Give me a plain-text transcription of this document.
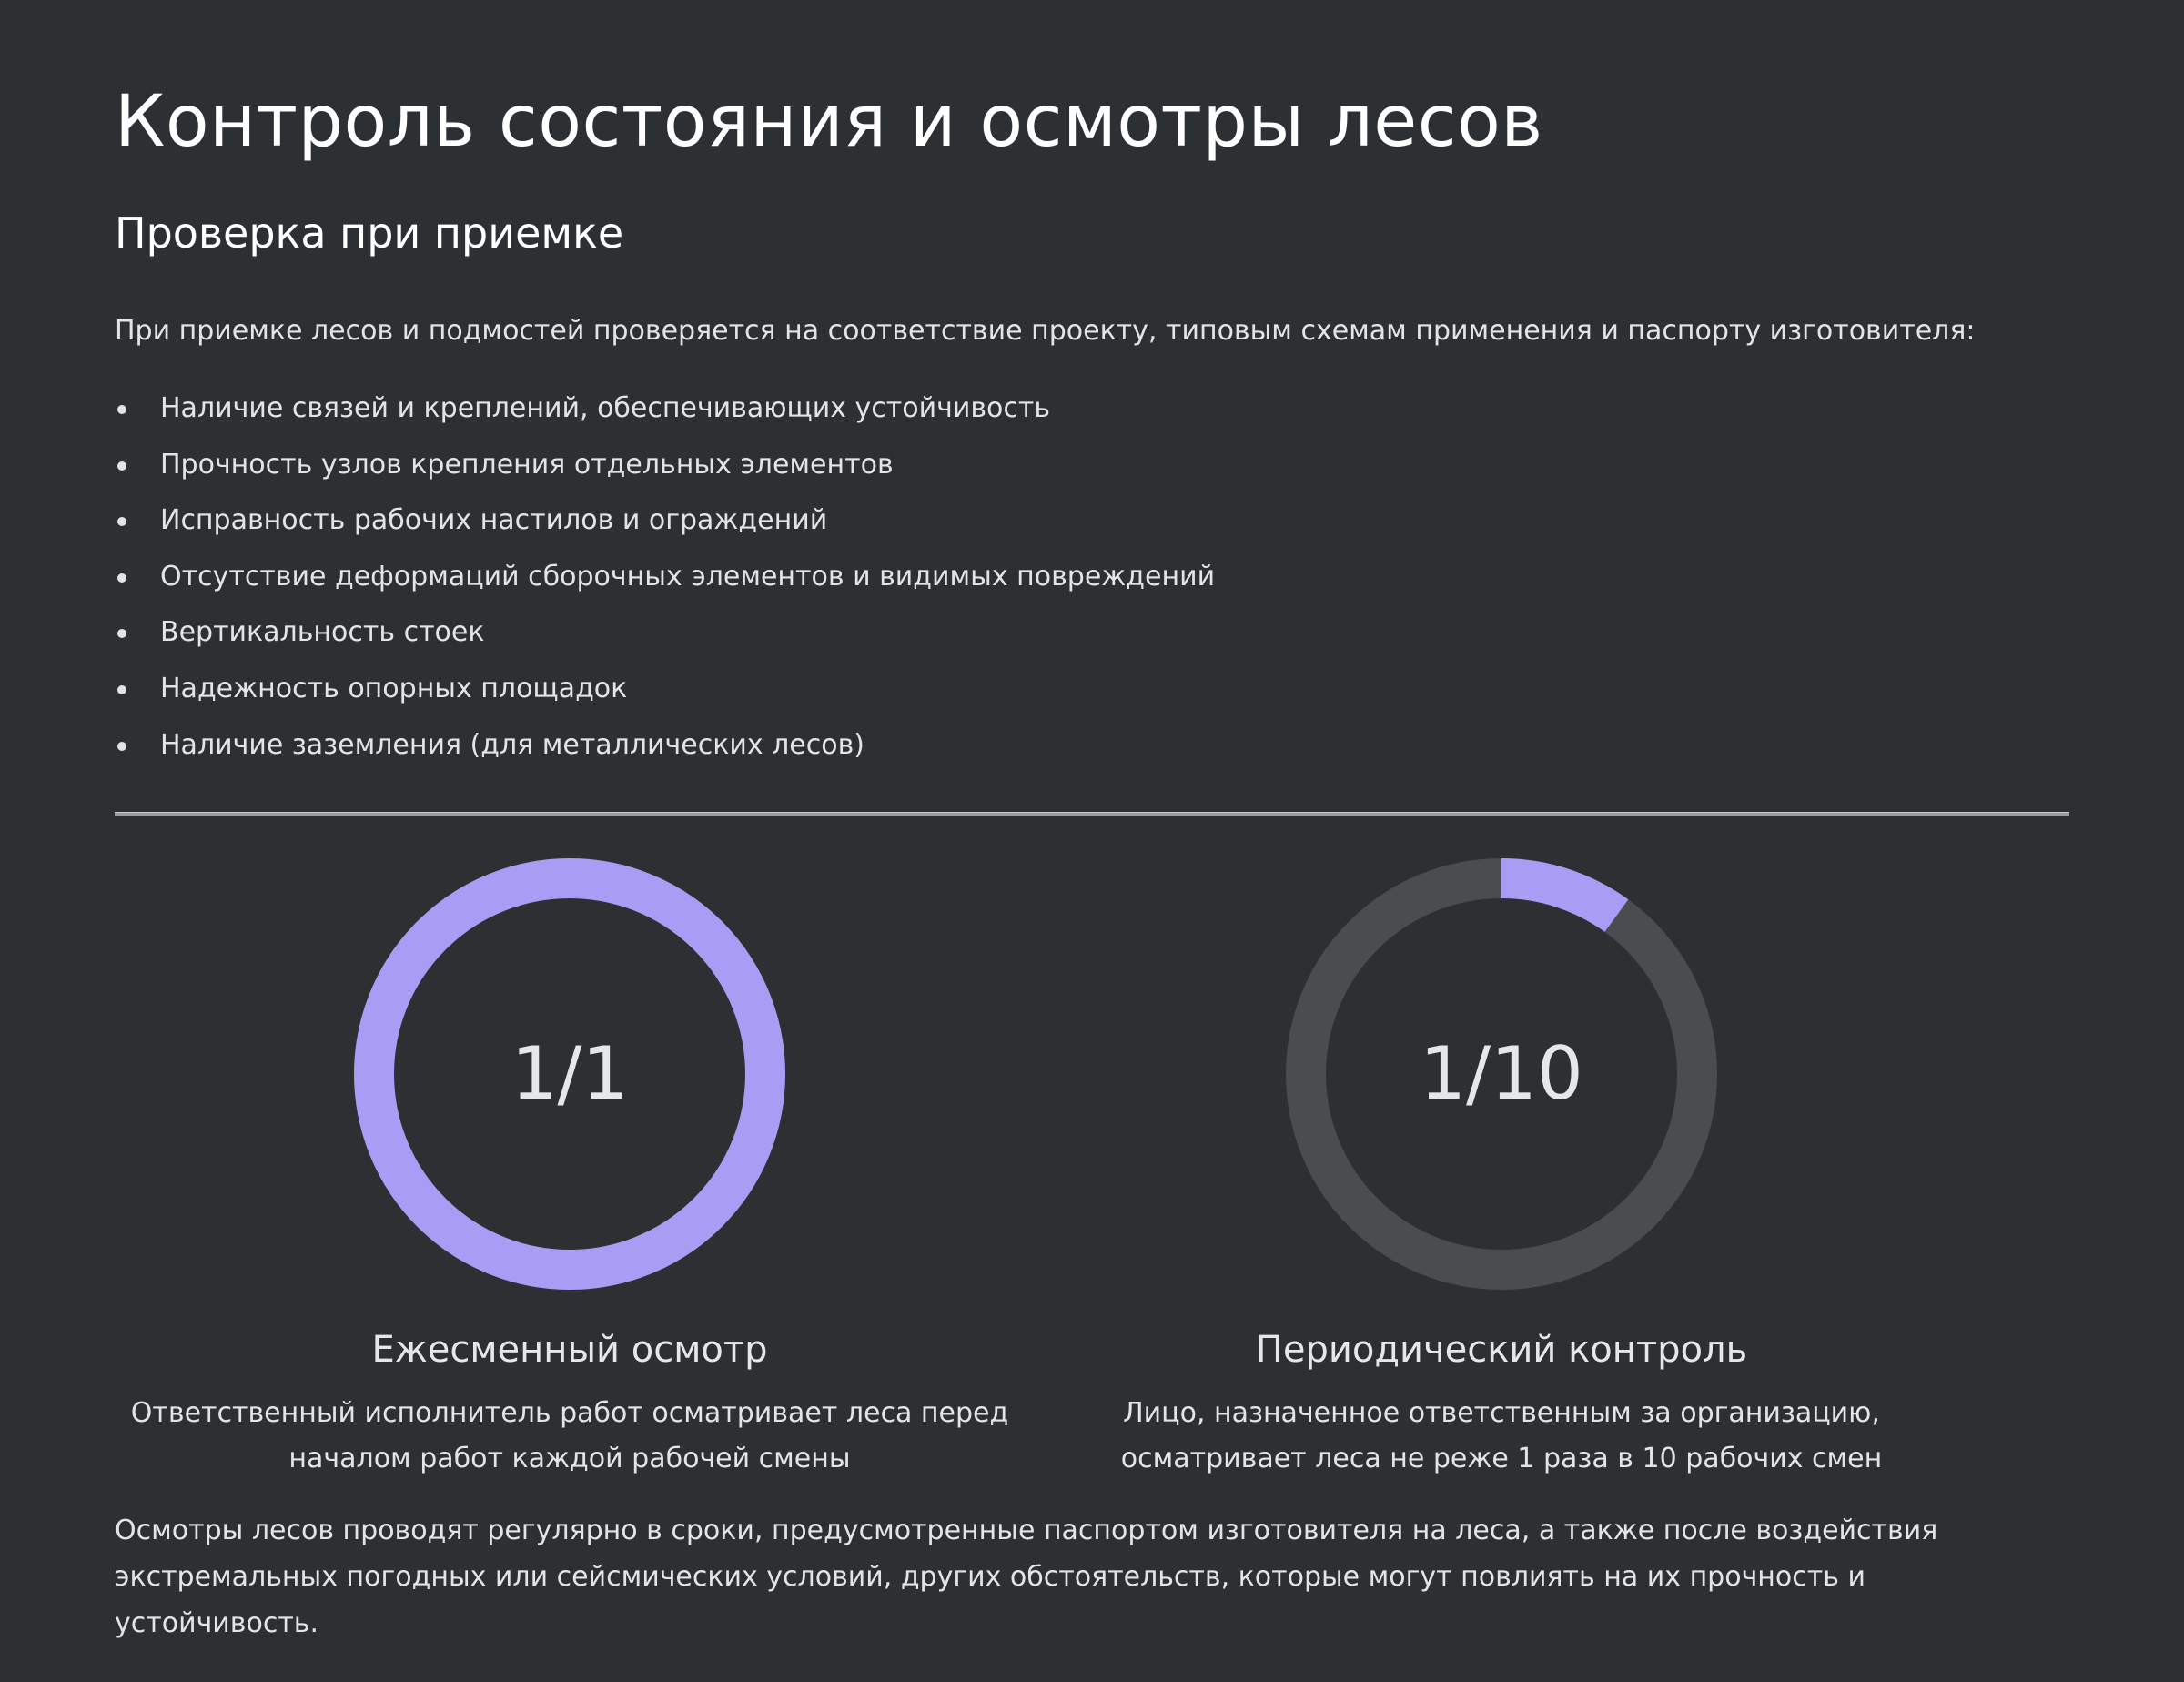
Контроль состояния и осмотры лесов
Проверка при приемке

При приемке лесов и подмостей проверяется на соответствие проекту, типовым схемам применения и паспорту изготовителя:

Наличие связей и креплений, обеспечивающих устойчивость
Прочность узлов крепления отдельных элементов
Исправность рабочих настилов и ограждений
Отсутствие деформаций сборочных элементов и видимых повреждений
Вертикальность стоек
Надежность опорных площадок
Наличие заземления (для металлических лесов)
1/1
Ежесменный осмотр
Ответственный исполнитель работ осматривает леса перед началом работ каждой рабочей смены
1/10
Периодический контроль
Лицо, назначенное ответственным за организацию, осматривает леса не реже 1 раза в 10 рабочих смен

Осмотры лесов проводят регулярно в сроки, предусмотренные паспортом изготовителя на леса, а также после воздействия экстремальных погодных или сейсмических условий, других обстоятельств, которые могут повлиять на их прочность и устойчивость.
